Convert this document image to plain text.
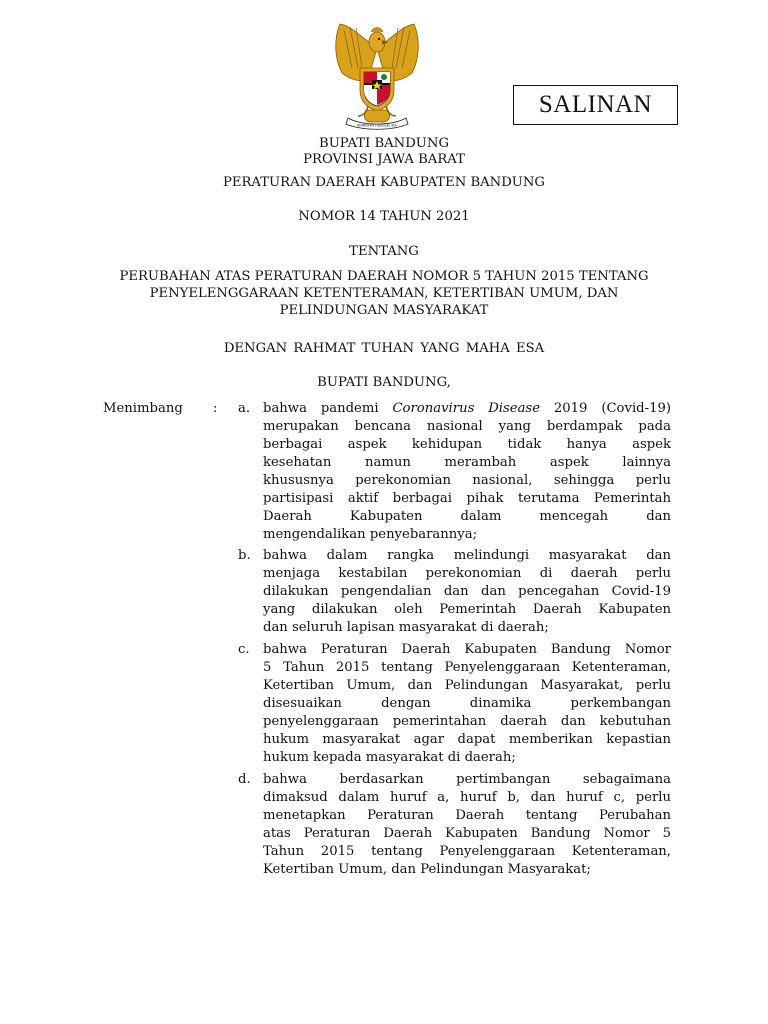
BHINNEKA TUNGGAL IKA
SALINAN
BUPATI BANDUNG
PROVINSI JAWA BARAT
PERATURAN DAERAH KABUPATEN BANDUNG
NOMOR 14 TAHUN 2021
TENTANG
PERUBAHAN ATAS PERATURAN DAERAH NOMOR 5 TAHUN 2015 TENTANG
PENYELENGGARAAN KETENTERAMAN, KETERTIBAN UMUM, DAN
PELINDUNGAN MASYARAKAT
DENGAN RAHMAT TUHAN YANG MAHA ESA
BUPATI BANDUNG,
Menimbang : a. bahwa pandemi Coronavirus Disease 2019 (Covid-19)
merupakan bencana nasional yang berdampak pada
berbagai aspek kehidupan tidak hanya aspek
kesehatan namun merambah aspek lainnya
khususnya perekonomian nasional, sehingga perlu
partisipasi aktif berbagai pihak terutama Pemerintah
Daerah Kabupaten dalam mencegah dan
mengendalikan penyebarannya;
b. bahwa dalam rangka melindungi masyarakat dan
menjaga kestabilan perekonomian di daerah perlu
dilakukan pengendalian dan dan pencegahan Covid-19
yang dilakukan oleh Pemerintah Daerah Kabupaten
dan seluruh lapisan masyarakat di daerah;
c. bahwa Peraturan Daerah Kabupaten Bandung Nomor
5 Tahun 2015 tentang Penyelenggaraan Ketenteraman,
Ketertiban Umum, dan Pelindungan Masyarakat, perlu
disesuaikan dengan dinamika perkembangan
penyelenggaraan pemerintahan daerah dan kebutuhan
hukum masyarakat agar dapat memberikan kepastian
hukum kepada masyarakat di daerah;
d. bahwa berdasarkan pertimbangan sebagaimana
dimaksud dalam huruf a, huruf b, dan huruf c, perlu
menetapkan Peraturan Daerah tentang Perubahan
atas Peraturan Daerah Kabupaten Bandung Nomor 5
Tahun 2015 tentang Penyelenggaraan Ketenteraman,
Ketertiban Umum, dan Pelindungan Masyarakat;
